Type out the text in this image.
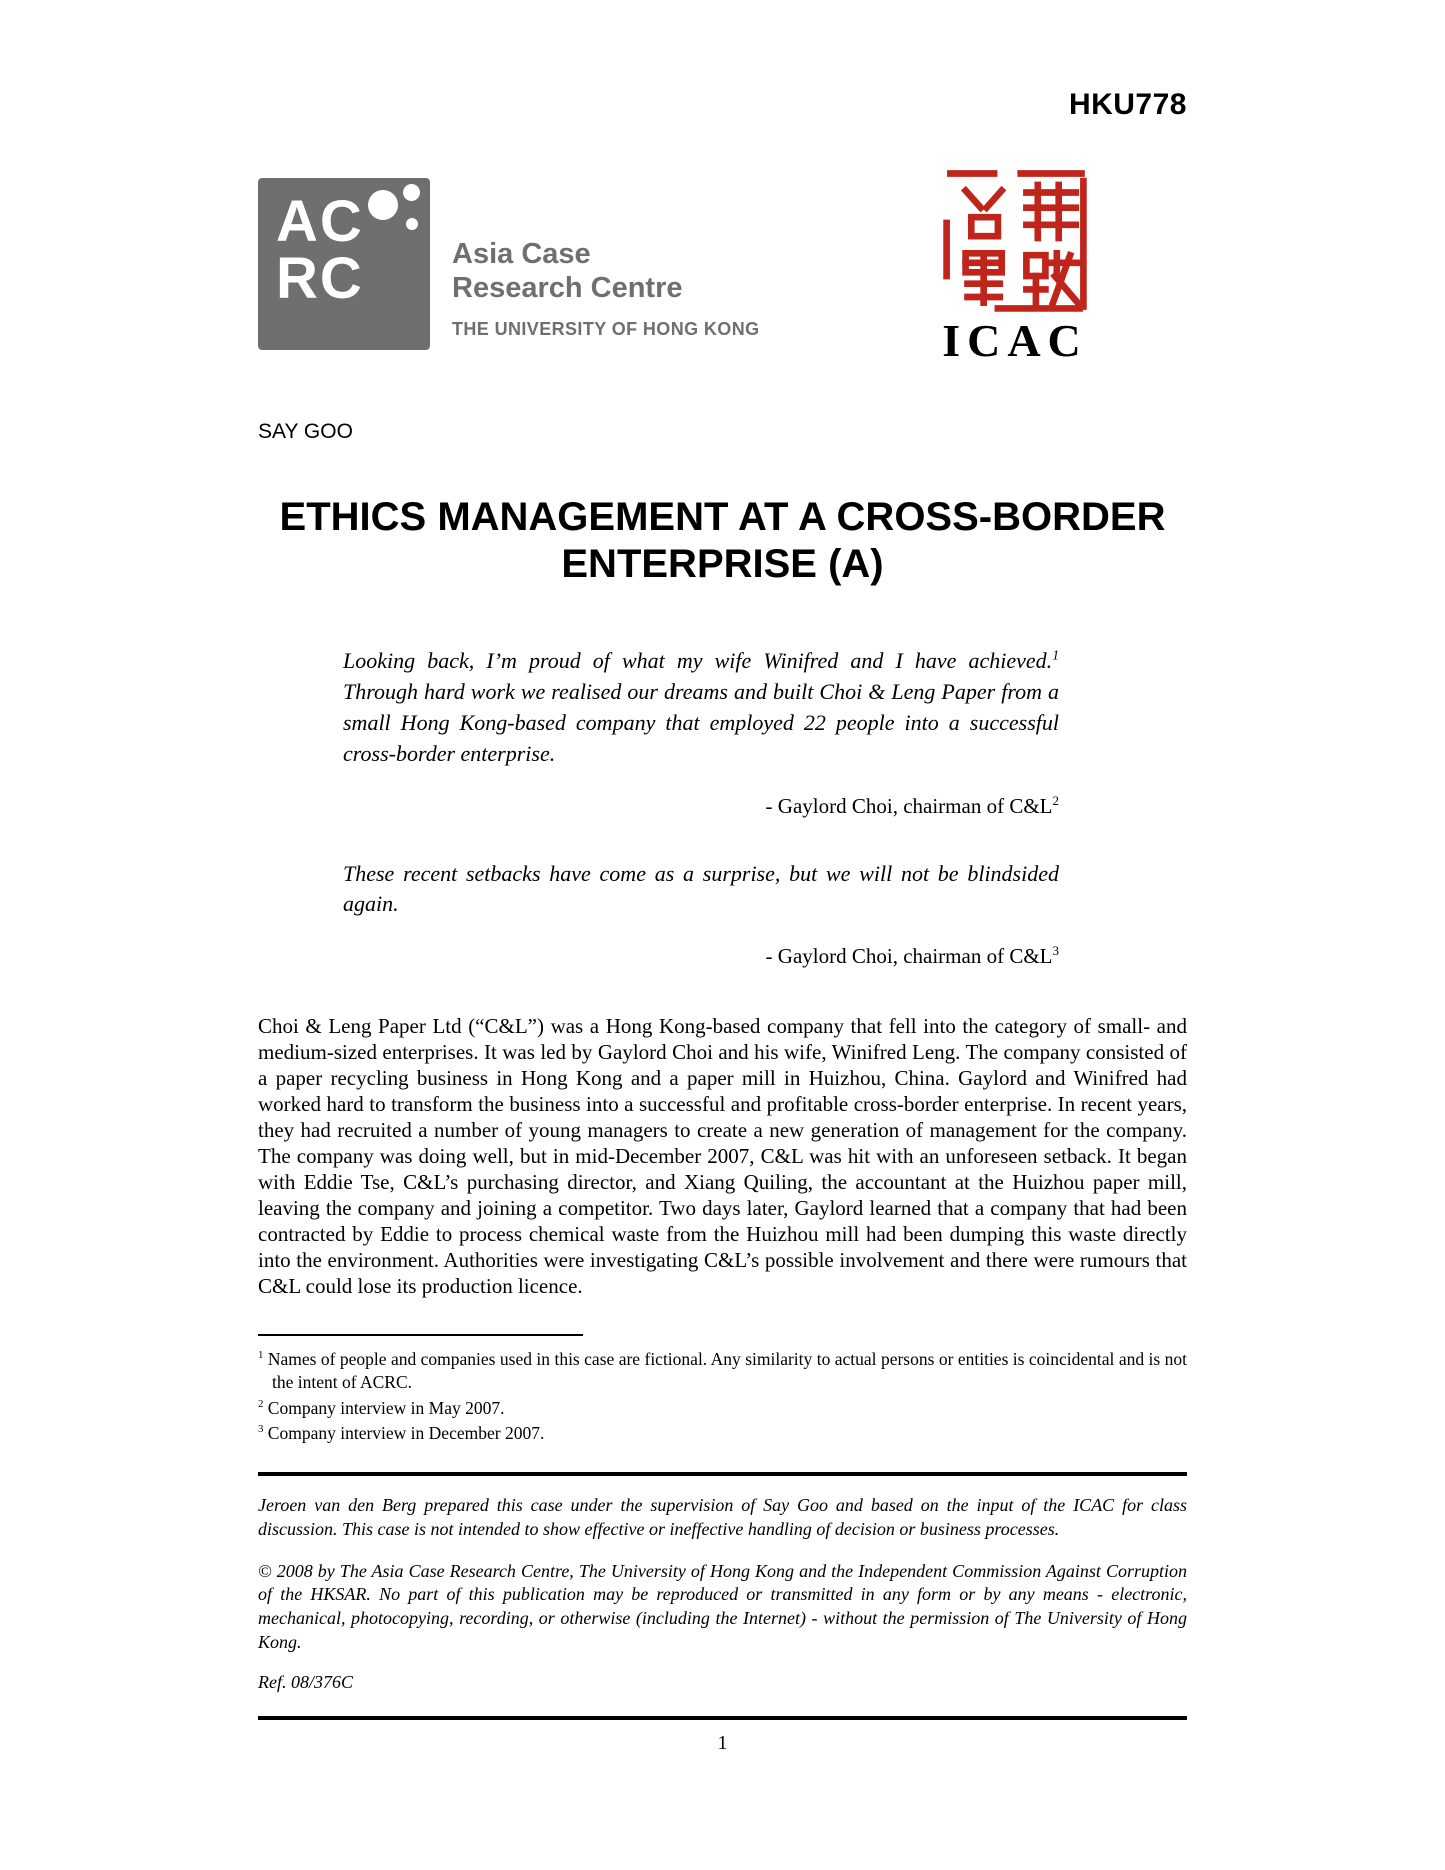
HKU778
AC
RC	Asia Case
Research Centre
THE UNIVERSITY OF HONG KONG	ICAC
SAY GOO
ETHICS MANAGEMENT AT A CROSS-BORDER
ENTERPRISE (A)
Looking back, I’m proud of what my wife Winifred and I have achieved.$^1$ Through hard work we realised our dreams and built Choi & Leng Paper from a small Hong Kong-based company that employed 22 people into a successful cross-border enterprise.
- Gaylord Choi, chairman of $C\&L^2$
These recent setbacks have come as a surprise, but we will not be blindsided again.
- Gaylord Choi, chairman of $C\&L^3$

Choi & Leng Paper Ltd (“C&L”) was a Hong Kong-based company that fell into the category of small- and medium-sized enterprises. It was led by Gaylord Choi and his wife, Winifred Leng. The company consisted of a paper recycling business in Hong Kong and a paper mill in Huizhou, China. Gaylord and Winifred had worked hard to transform the business into a successful and profitable cross-border enterprise. In recent years, they had recruited a number of young managers to create a new generation of management for the company. The company was doing well, but in mid-December 2007, C&L was hit with an unforeseen setback. It began with Eddie Tse, C&L’s purchasing director, and Xiang Quiling, the accountant at the Huizhou paper mill, leaving the company and joining a competitor. Two days later, Gaylord learned that a company that had been contracted by Eddie to process chemical waste from the Huizhou mill had been dumping this waste directly into the environment. Authorities were investigating C&L’s possible involvement and there were rumours that C&L could lose its production licence.

$^1$ Names of people and companies used in this case are fictional. Any similarity to actual persons or entities is coincidental and is not the intent of ACRC.
$^2$ Company interview in May 2007.
$^3$ Company interview in December 2007.

Jeroen van den Berg prepared this case under the supervision of Say Goo and based on the input of the ICAC for class discussion. This case is not intended to show effective or ineffective handling of decision or business processes.

© 2008 by The Asia Case Research Centre, The University of Hong Kong and the Independent Commission Against Corruption of the HKSAR. No part of this publication may be reproduced or transmitted in any form or by any means - electronic, mechanical, photocopying, recording, or otherwise (including the Internet) - without the permission of The University of Hong Kong.

Ref. 08/376C

1
